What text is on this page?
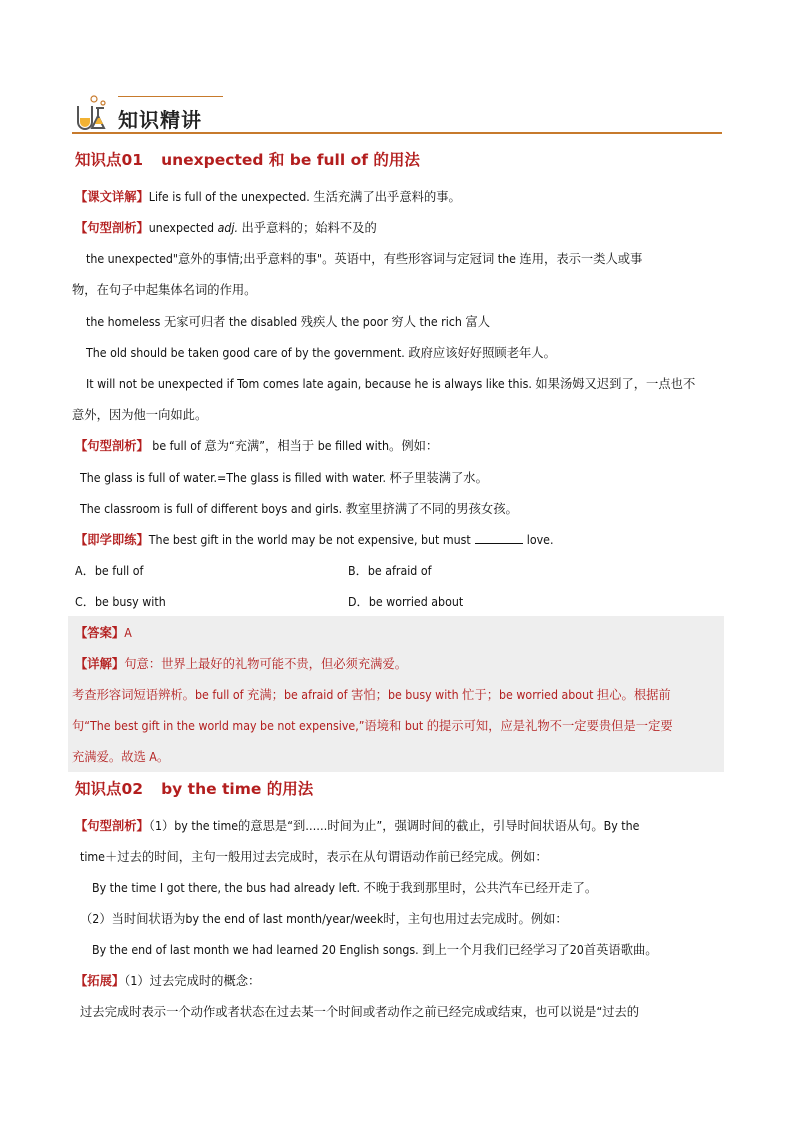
知识精讲
知识点01 unexpected 和 be full of 的用法
【课文详解】Life is full of the unexpected. 生活充满了出乎意料的事。
【句型剖析】unexpected adj. 出乎意料的；始料不及的
the unexpected"意外的事情;出乎意料的事"。英语中，有些形容词与定冠词 the 连用，表示一类人或事
物，在句子中起集体名词的作用。
the homeless 无家可归者 the disabled 残疾人 the poor 穷人 the rich 富人
The old should be taken good care of by the government. 政府应该好好照顾老年人。
It will not be unexpected if Tom comes late again, because he is always like this. 如果汤姆又迟到了，一点也不
意外，因为他一向如此。
【句型剖析】 be full of 意为“充满”，相当于 be filled with。例如：
The glass is full of water.=The glass is filled with water. 杯子里装满了水。
The classroom is full of different boys and girls. 教室里挤满了不同的男孩女孩。
【即学即练】The best gift in the world may be not expensive, but must	love.
A．be full of	B．be afraid of
C．be busy with	D．be worried about
【答案】A
【详解】句意：世界上最好的礼物可能不贵，但必须充满爱。
考查形容词短语辨析。be full of 充满；be afraid of 害怕；be busy with 忙于；be worried about 担心。根据前
句“The best gift in the world may be not expensive,”语境和 but 的提示可知，应是礼物不一定要贵但是一定要
充满爱。故选 A。
知识点02 by the time 的用法
【句型剖析】（1）by the time的意思是“到……时间为止”，强调时间的截止，引导时间状语从句。By the
time＋过去的时间，主句一般用过去完成时，表示在从句谓语动作前已经完成。例如：
By the time I got there, the bus had already left. 不晚于我到那里时，公共汽车已经开走了。
（2）当时间状语为by the end of last month/year/week时，主句也用过去完成时。例如：
By the end of last month we had learned 20 English songs. 到上一个月我们已经学习了20首英语歌曲。
【拓展】（1）过去完成时的概念：
过去完成时表示一个动作或者状态在过去某一个时间或者动作之前已经完成或结束，也可以说是“过去的
